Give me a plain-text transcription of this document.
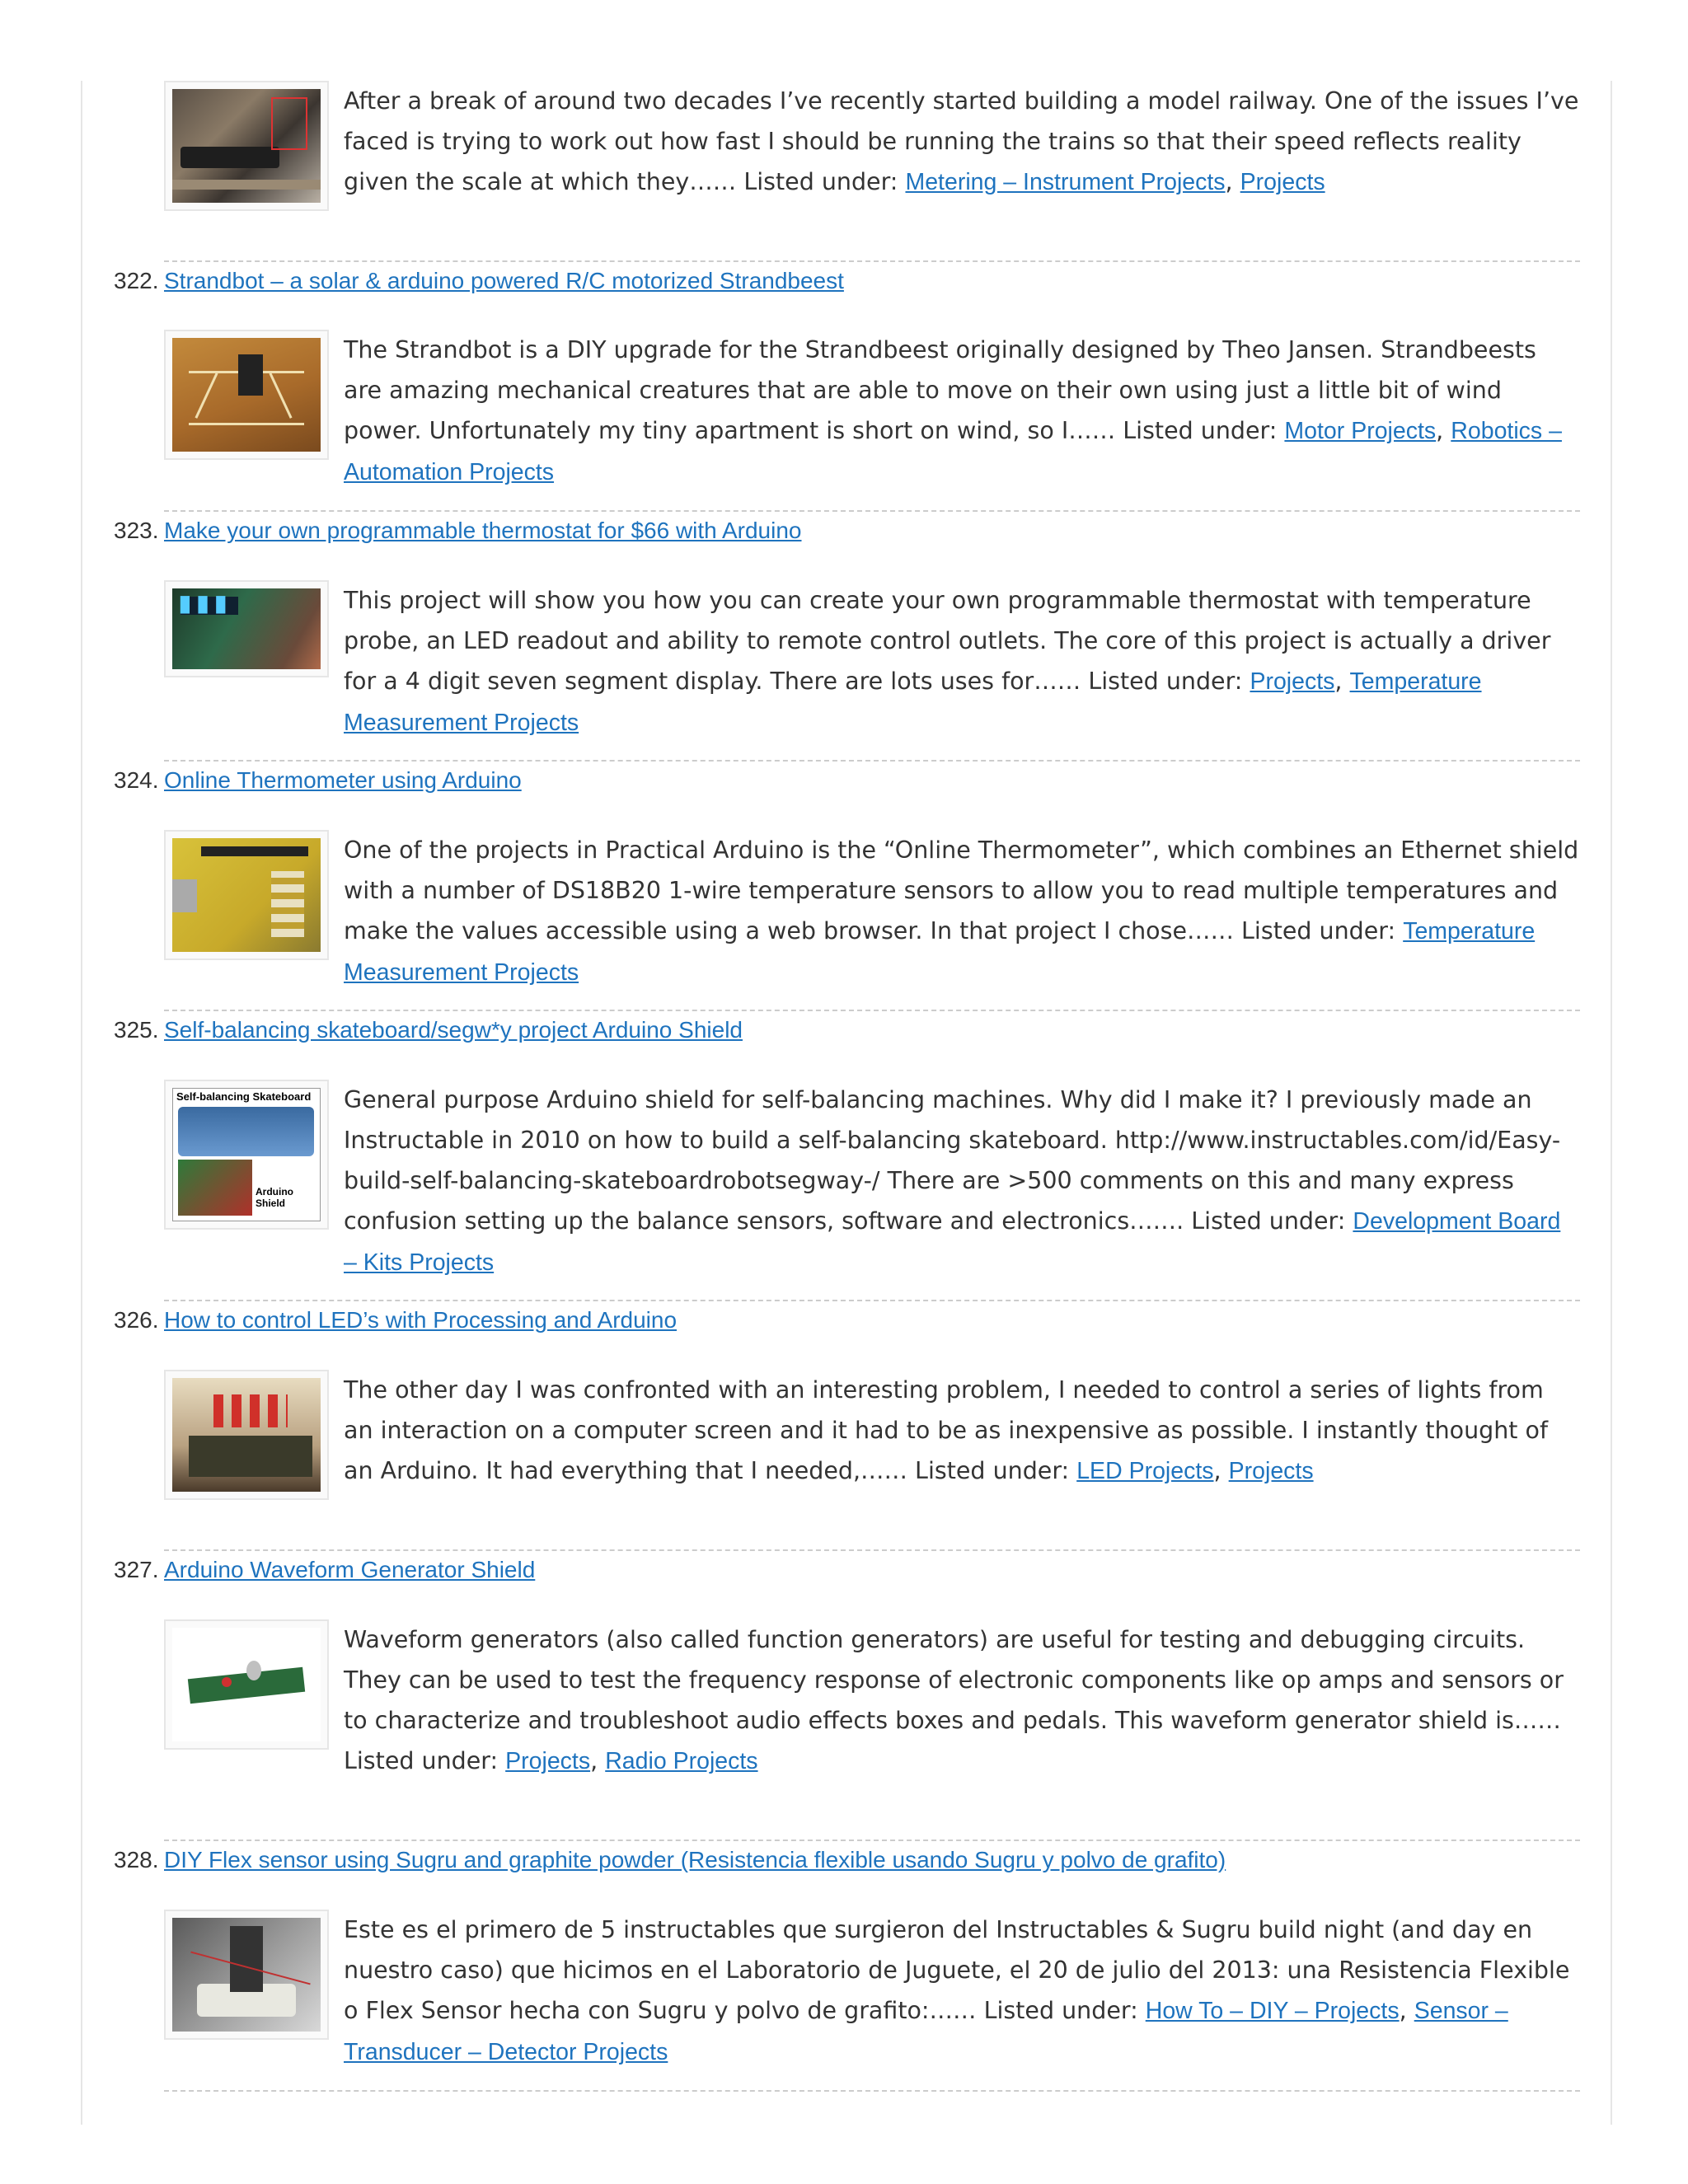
After a break of around two decades I’ve recently started building a model railway. One of the issues I’ve faced is trying to work out how fast I should be running the trains so that their speed reflects reality given the scale at which they…… Listed under: Metering – Instrument Projects, Projects
322. Strandbot – a solar & arduino powered R/C motorized Strandbeest
The Strandbot is a DIY upgrade for the Strandbeest originally designed by Theo Jansen. Strandbeests are amazing mechanical creatures that are able to move on their own using just a little bit of wind power. Unfortunately my tiny apartment is short on wind, so I…… Listed under: Motor Projects, Robotics – Automation Projects
323. Make your own programmable thermostat for $66 with Arduino
█ █ █	This project will show you how you can create your own programmable thermostat with temperature probe, an LED readout and ability to remote control outlets. The core of this project is actually a driver for a 4 digit seven segment display. There are lots uses for…… Listed under: Projects, Temperature Measurement Projects
324. Online Thermometer using Arduino
One of the projects in Practical Arduino is the “Online Thermometer”, which combines an Ethernet shield with a number of DS18B20 1-wire temperature sensors to allow you to read multiple temperatures and make the values accessible using a web browser. In that project I chose…… Listed under: Temperature Measurement Projects
325. Self-balancing skateboard/segw*y project Arduino Shield
Self-balancing Skateboard
Arduino Shield
General purpose Arduino shield for self-balancing machines. Why did I make it? I previously made an Instructable in 2010 on how to build a self-balancing skateboard. http://www.instructables.com/id/Easy-build-self-balancing-skateboardrobotsegway-/ There are >500 comments on this and many express confusion setting up the balance sensors, software and electronics……. Listed under: Development Board – Kits Projects
326. How to control LED’s with Processing and Arduino
The other day I was confronted with an interesting problem, I needed to control a series of lights from an interaction on a computer screen and it had to be as inexpensive as possible. I instantly thought of an Arduino. It had everything that I needed,…… Listed under: LED Projects, Projects
327. Arduino Waveform Generator Shield
Waveform generators (also called function generators) are useful for testing and debugging circuits. They can be used to test the frequency response of electronic components like op amps and sensors or to characterize and troubleshoot audio effects boxes and pedals. This waveform generator shield is…… Listed under: Projects, Radio Projects
328. DIY Flex sensor using Sugru and graphite powder (Resistencia flexible usando Sugru y polvo de grafito)
Este es el primero de 5 instructables que surgieron del Instructables & Sugru build night (and day en nuestro caso) que hicimos en el Laboratorio de Juguete, el 20 de julio del 2013: una Resistencia Flexible o Flex Sensor hecha con Sugru y polvo de grafito:…… Listed under: How To – DIY – Projects, Sensor – Transducer – Detector Projects
